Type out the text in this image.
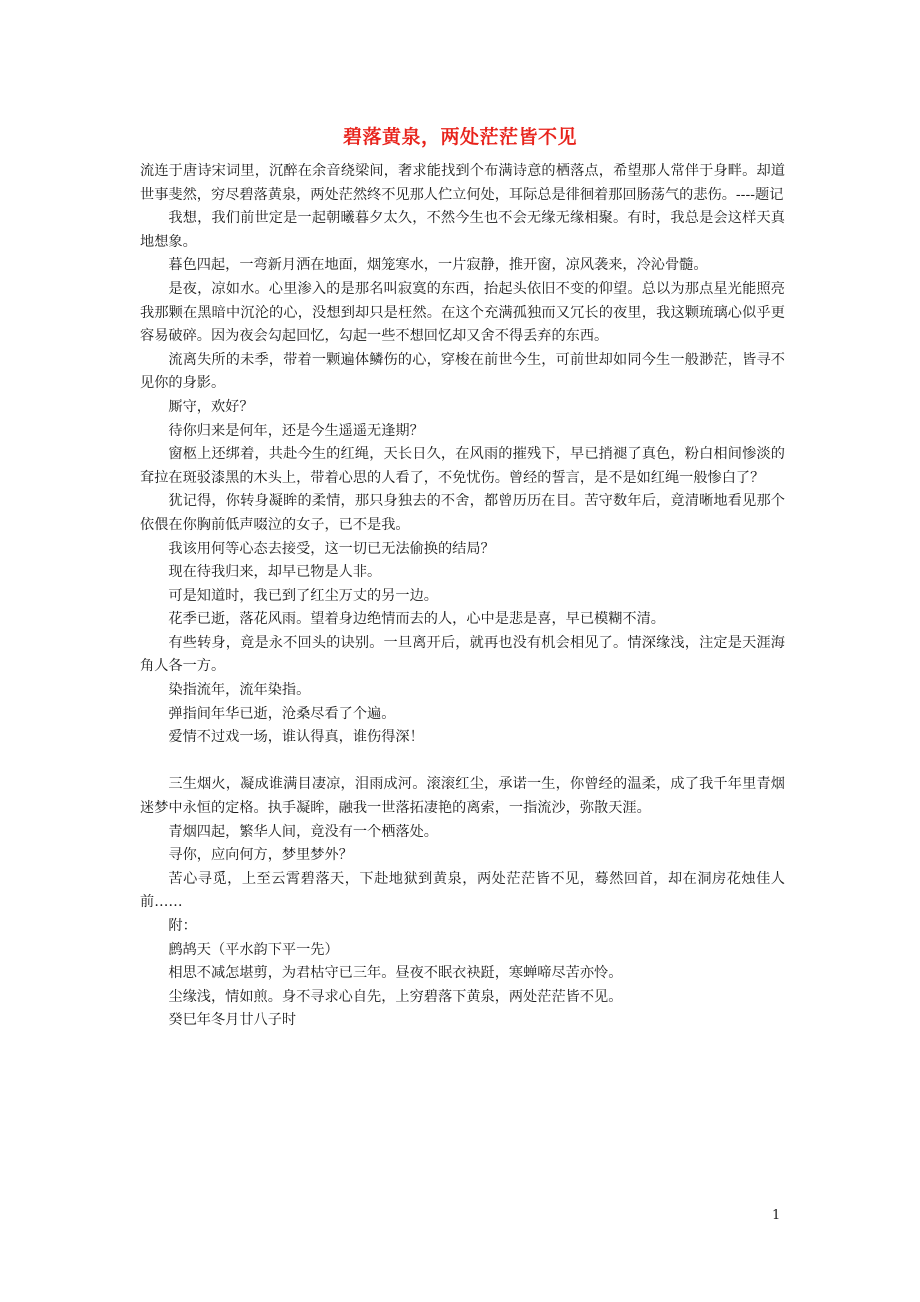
碧落黄泉，两处茫茫皆不见

流连于唐诗宋词里，沉醉在余音绕梁间，奢求能找到个布满诗意的栖落点，希望那人常伴于身畔。却道世事斐然，穷尽碧落黄泉，两处茫然终不见那人伫立何处，耳际总是徘徊着那回肠荡气的悲伤。----题记

我想，我们前世定是一起朝曦暮夕太久，不然今生也不会无缘无缘相聚。有时，我总是会这样天真地想象。

暮色四起，一弯新月洒在地面，烟笼寒水，一片寂静，推开窗，凉风袭来，冷沁骨髓。

是夜，凉如水。心里渗入的是那名叫寂寞的东西，抬起头依旧不变的仰望。总以为那点星光能照亮我那颗在黑暗中沉沦的心，没想到却只是枉然。在这个充满孤独而又冗长的夜里，我这颗琉璃心似乎更容易破碎。因为夜会勾起回忆，勾起一些不想回忆却又舍不得丢弃的东西。

流离失所的未季，带着一颗遍体鳞伤的心，穿梭在前世今生，可前世却如同今生一般渺茫，皆寻不见你的身影。

厮守，欢好？

待你归来是何年，还是今生遥遥无逢期？

窗柩上还绑着，共赴今生的红绳，天长日久，在风雨的摧残下，早已捎褪了真色，粉白相间惨淡的耷拉在斑驳漆黑的木头上，带着心思的人看了，不免忧伤。曾经的誓言，是不是如红绳一般惨白了？

犹记得，你转身凝眸的柔情，那只身独去的不舍，都曾历历在目。苦守数年后，竟清晰地看见那个依偎在你胸前低声啜泣的女子，已不是我。

我该用何等心态去接受，这一切已无法偷换的结局？

现在待我归来，却早已物是人非。

可是知道时，我已到了红尘万丈的另一边。

花季已逝，落花风雨。望着身边绝情而去的人，心中是悲是喜，早已模糊不清。

有些转身，竟是永不回头的诀别。一旦离开后，就再也没有机会相见了。情深缘浅，注定是天涯海角人各一方。

染指流年，流年染指。

弹指间年华已逝，沧桑尽看了个遍。

爱情不过戏一场，谁认得真，谁伤得深！

三生烟火，凝成谁满目凄凉，泪雨成河。滚滚红尘，承诺一生，你曾经的温柔，成了我千年里青烟迷梦中永恒的定格。执手凝眸，融我一世落拓凄艳的离索，一指流沙，弥散天涯。

青烟四起，繁华人间，竟没有一个栖落处。

寻你，应向何方，梦里梦外？

苦心寻觅，上至云霄碧落天，下赴地狱到黄泉，两处茫茫皆不见，蓦然回首，却在洞房花烛佳人前……

附：

鹧鸪天（平水韵下平一先）

相思不减怎堪剪，为君枯守已三年。昼夜不眠衣袂跹，寒蝉啼尽苦亦怜。

尘缘浅，情如煎。身不寻求心自先，上穷碧落下黄泉，两处茫茫皆不见。

癸巳年冬月廿八子时

1
